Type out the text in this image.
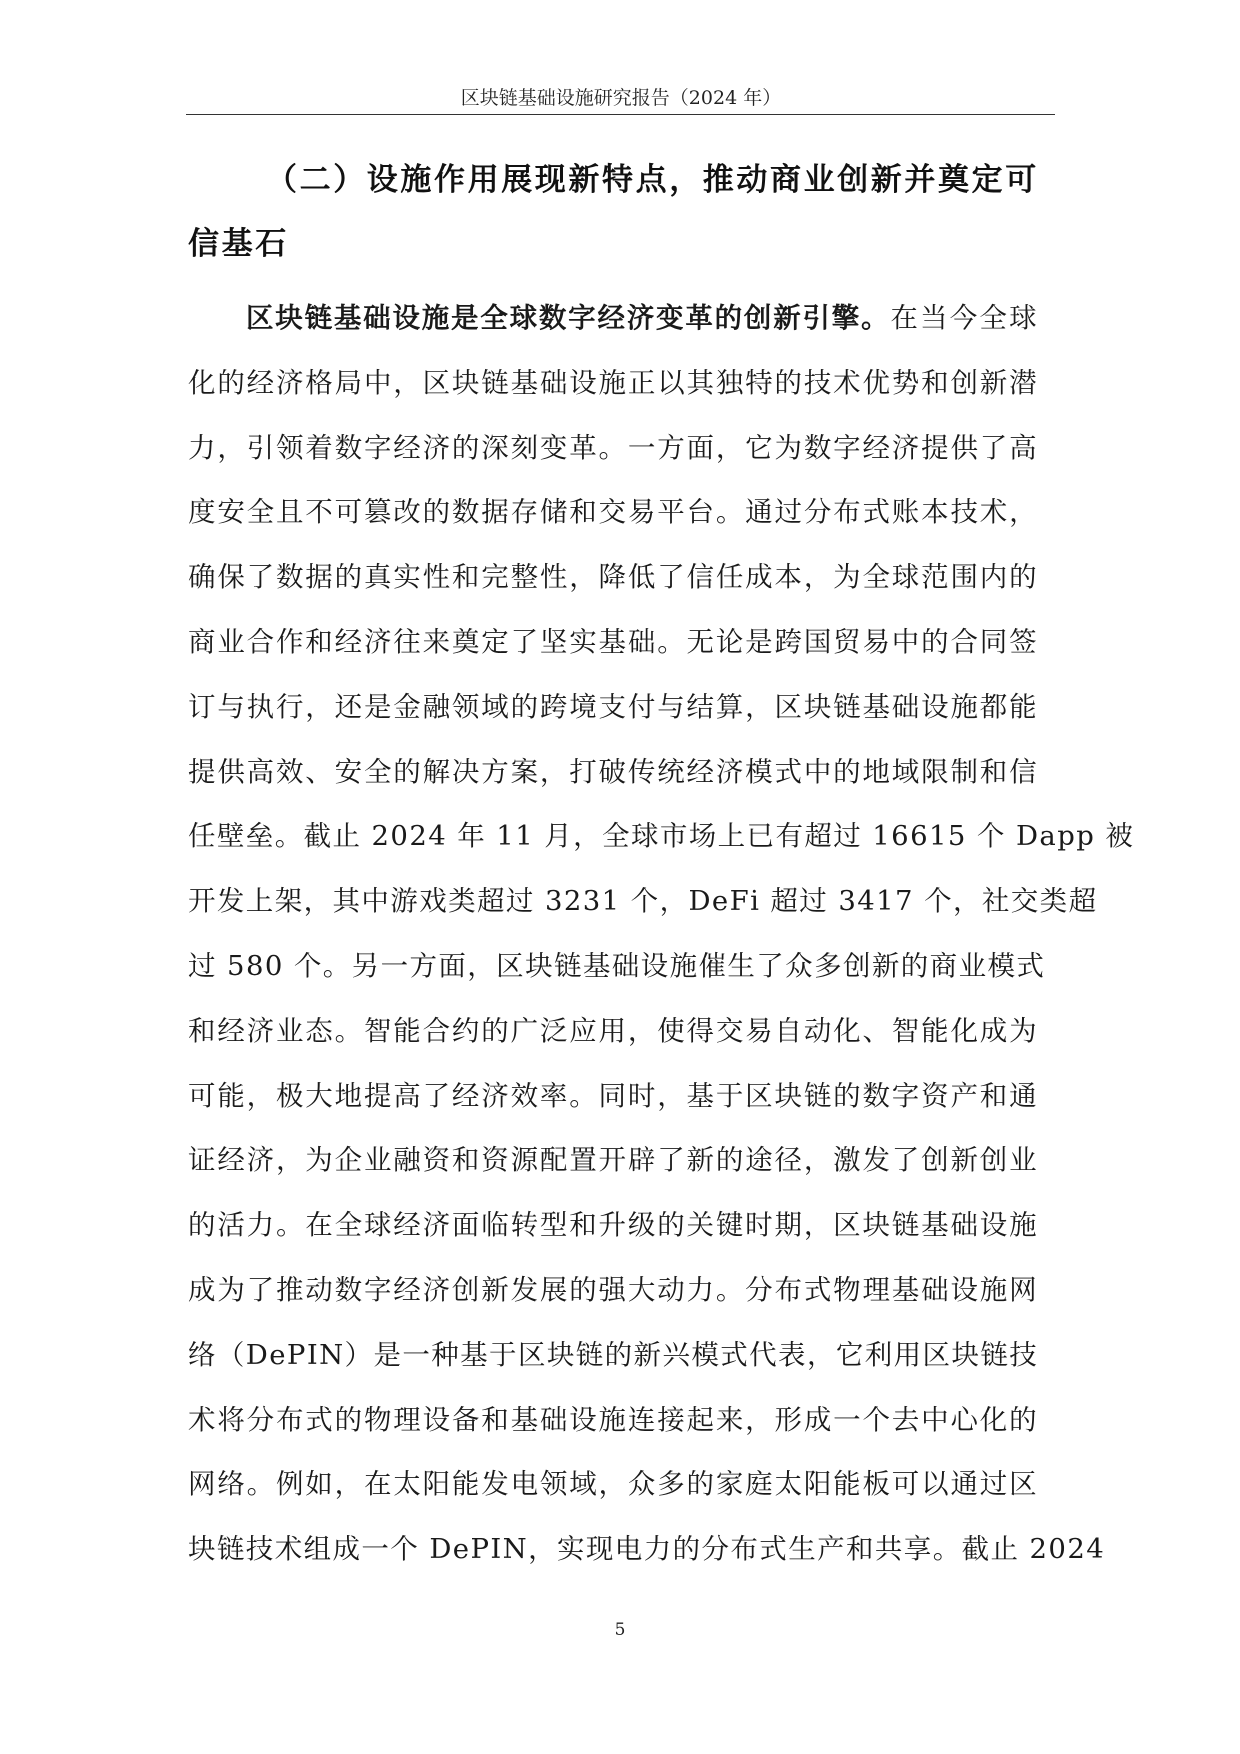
区块链基础设施研究报告（2024 年）
（二）设施作用展现新特点，推动商业创新并奠定可信基石
区块链基础设施是全球数字经济变革的创新引擎。在当今全球
化的经济格局中，区块链基础设施正以其独特的技术优势和创新潜
力，引领着数字经济的深刻变革。一方面，它为数字经济提供了高
度安全且不可篡改的数据存储和交易平台。通过分布式账本技术，
确保了数据的真实性和完整性，降低了信任成本，为全球范围内的
商业合作和经济往来奠定了坚实基础。无论是跨国贸易中的合同签
订与执行，还是金融领域的跨境支付与结算，区块链基础设施都能
提供高效、安全的解决方案，打破传统经济模式中的地域限制和信
任壁垒。截止 2024 年 11 月，全球市场上已有超过 16615 个 Dapp 被
开发上架，其中游戏类超过 3231 个，DeFi 超过 3417 个，社交类超
过 580 个。另一方面，区块链基础设施催生了众多创新的商业模式
和经济业态。智能合约的广泛应用，使得交易自动化、智能化成为
可能，极大地提高了经济效率。同时，基于区块链的数字资产和通
证经济，为企业融资和资源配置开辟了新的途径，激发了创新创业
的活力。在全球经济面临转型和升级的关键时期，区块链基础设施
成为了推动数字经济创新发展的强大动力。分布式物理基础设施网
络（DePIN）是一种基于区块链的新兴模式代表，它利用区块链技
术将分布式的物理设备和基础设施连接起来，形成一个去中心化的
网络。例如，在太阳能发电领域，众多的家庭太阳能板可以通过区
块链技术组成一个 DePIN，实现电力的分布式生产和共享。截止 2024
5
